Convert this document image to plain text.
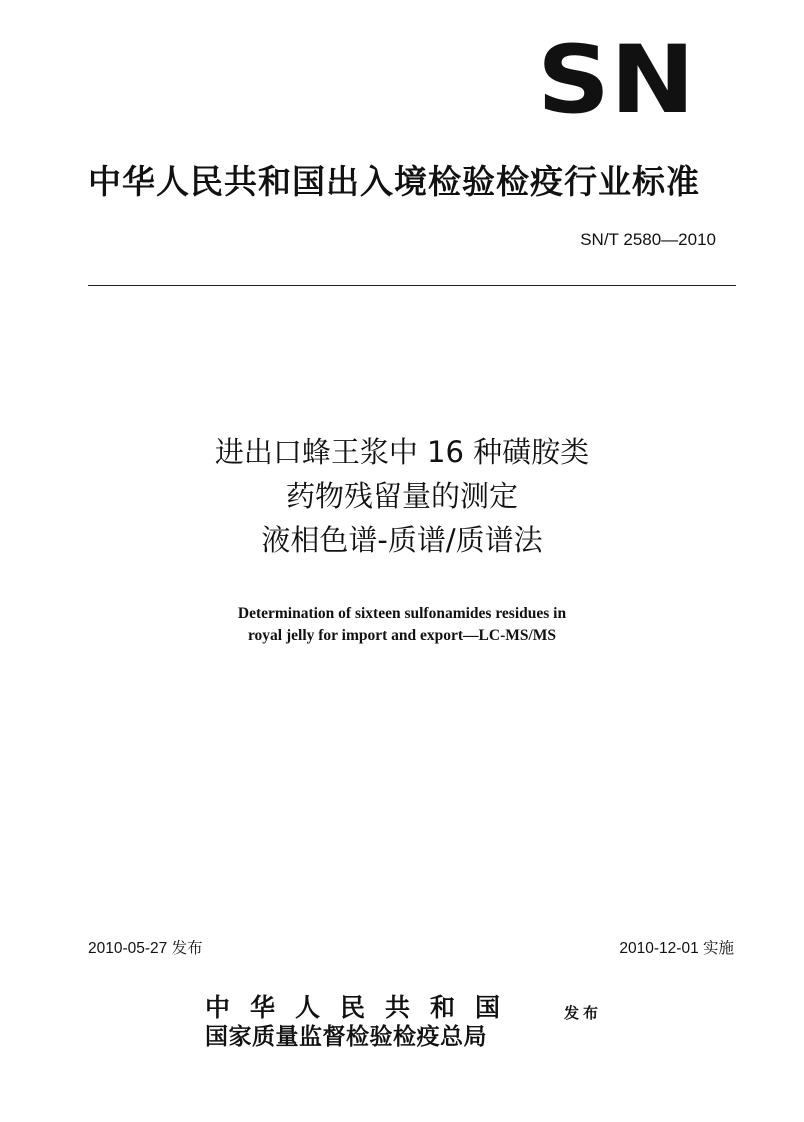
SN
中华人民共和国出入境检验检疫行业标准
SN/T 2580—2010
进出口蜂王浆中 16 种磺胺类
药物残留量的测定
液相色谱-质谱/质谱法
Determination of sixteen sulfonamides residues in
royal jelly for import and export—LC-MS/MS
2010-05-27 发布	2010-12-01 实施
中华人民共和国
国家质量监督检验检疫总局
发布
